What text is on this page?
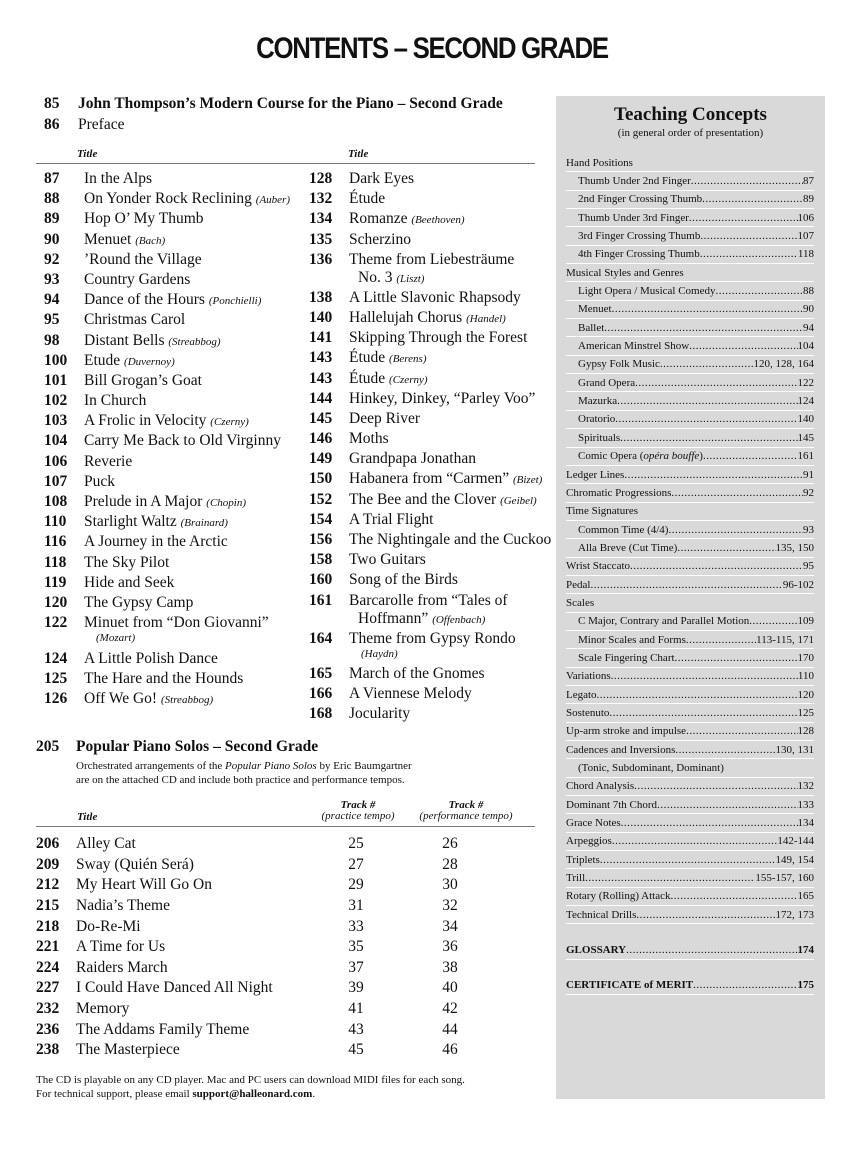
CONTENTS – SECOND GRADE
85 John Thompson’s Modern Course for the Piano – Second Grade
86 Preface
Title	Title
87	In the Alps
88	On Yonder Rock Reclining (Auber)
89	Hop O’ My Thumb
90	Menuet (Bach)
92	’Round the Village
93	Country Gardens
94	Dance of the Hours (Ponchielli)
95	Christmas Carol
98	Distant Bells (Streabbog)
100	Etude (Duvernoy)
101	Bill Grogan’s Goat
102	In Church
103	A Frolic in Velocity (Czerny)
104	Carry Me Back to Old Virginny
106	Reverie
107	Puck
108	Prelude in A Major (Chopin)
110	Starlight Waltz (Brainard)
116	A Journey in the Arctic
118	The Sky Pilot
119	Hide and Seek
120	The Gypsy Camp
122	Minuet from “Don Giovanni”
(Mozart)
124	A Little Polish Dance
125	The Hare and the Hounds
126	Off We Go! (Streabbog)
128	Dark Eyes
132	Étude
134	Romanze (Beethoven)
135	Scherzino
136	Theme from Liebesträume
No. 3 (Liszt)
138	A Little Slavonic Rhapsody
140	Hallelujah Chorus (Handel)
141	Skipping Through the Forest
143	Étude (Berens)
143	Étude (Czerny)
144	Hinkey, Dinkey, “Parley Voo”
145	Deep River
146	Moths
149	Grandpapa Jonathan
150	Habanera from “Carmen” (Bizet)
152	The Bee and the Clover (Geibel)
154	A Trial Flight
156	The Nightingale and the Cuckoo
158	Two Guitars
160	Song of the Birds
161	Barcarolle from “Tales of
Hoffmann” (Offenbach)
164	Theme from Gypsy Rondo
(Haydn)
165	March of the Gnomes
166	A Viennese Melody
168	Jocularity
205 Popular Piano Solos – Second Grade
Orchestrated arrangements of the Popular Piano Solos by Eric Baumgartner
are on the attached CD and include both practice and performance tempos.
Title
Track #
(practice tempo)
Track #
(performance tempo)
206	Alley Cat	25	26
209	Sway (Quién Será)	27	28
212	My Heart Will Go On	29	30
215	Nadia’s Theme	31	32
218	Do-Re-Mi	33	34
221	A Time for Us	35	36
224	Raiders March	37	38
227	I Could Have Danced All Night	39	40
232	Memory	41	42
236	The Addams Family Theme	43	44
238	The Masterpiece	45	46
The CD is playable on any CD player. Mac and PC users can download MIDI files for each song.
For technical support, please email support@halleonard.com.
Teaching Concepts
(in general order of presentation)
Hand Positions
Thumb Under 2nd Finger .....	87
2nd Finger Crossing Thumb .....	89
Thumb Under 3rd Finger .....	106
3rd Finger Crossing Thumb .....	107
4th Finger Crossing Thumb .....	118
Musical Styles and Genres
Light Opera / Musical Comedy .....	88
Menuet .....	90
Ballet .....	94
American Minstrel Show .....	104
Gypsy Folk Music .....	120, 128, 164
Grand Opera .....	122
Mazurka .....	124
Oratorio .....	140
Spirituals .....	145
Comic Opera (opéra bouffe) .....	161
Ledger Lines .....	91
Chromatic Progressions .....	92
Time Signatures
Common Time (4/4) .....	93
Alla Breve (Cut Time) .....	135, 150
Wrist Staccato .....	95
Pedal .....	96-102
Scales
C Major, Contrary and Parallel Motion .....	109
Minor Scales and Forms .....	113-115, 171
Scale Fingering Chart .....	170
Variations .....	110
Legato .....	120
Sostenuto .....	125
Up-arm stroke and impulse .....	128
Cadences and Inversions .....	130, 131
(Tonic, Subdominant, Dominant)
Chord Analysis .....	132
Dominant 7th Chord .....	133
Grace Notes .....	134
Arpeggios .....	142-144
Triplets .....	149, 154
Trill .....	155-157, 160
Rotary (Rolling) Attack .....	165
Technical Drills .....	172, 173
GLOSSARY .....	174
CERTIFICATE of MERIT .....	175
